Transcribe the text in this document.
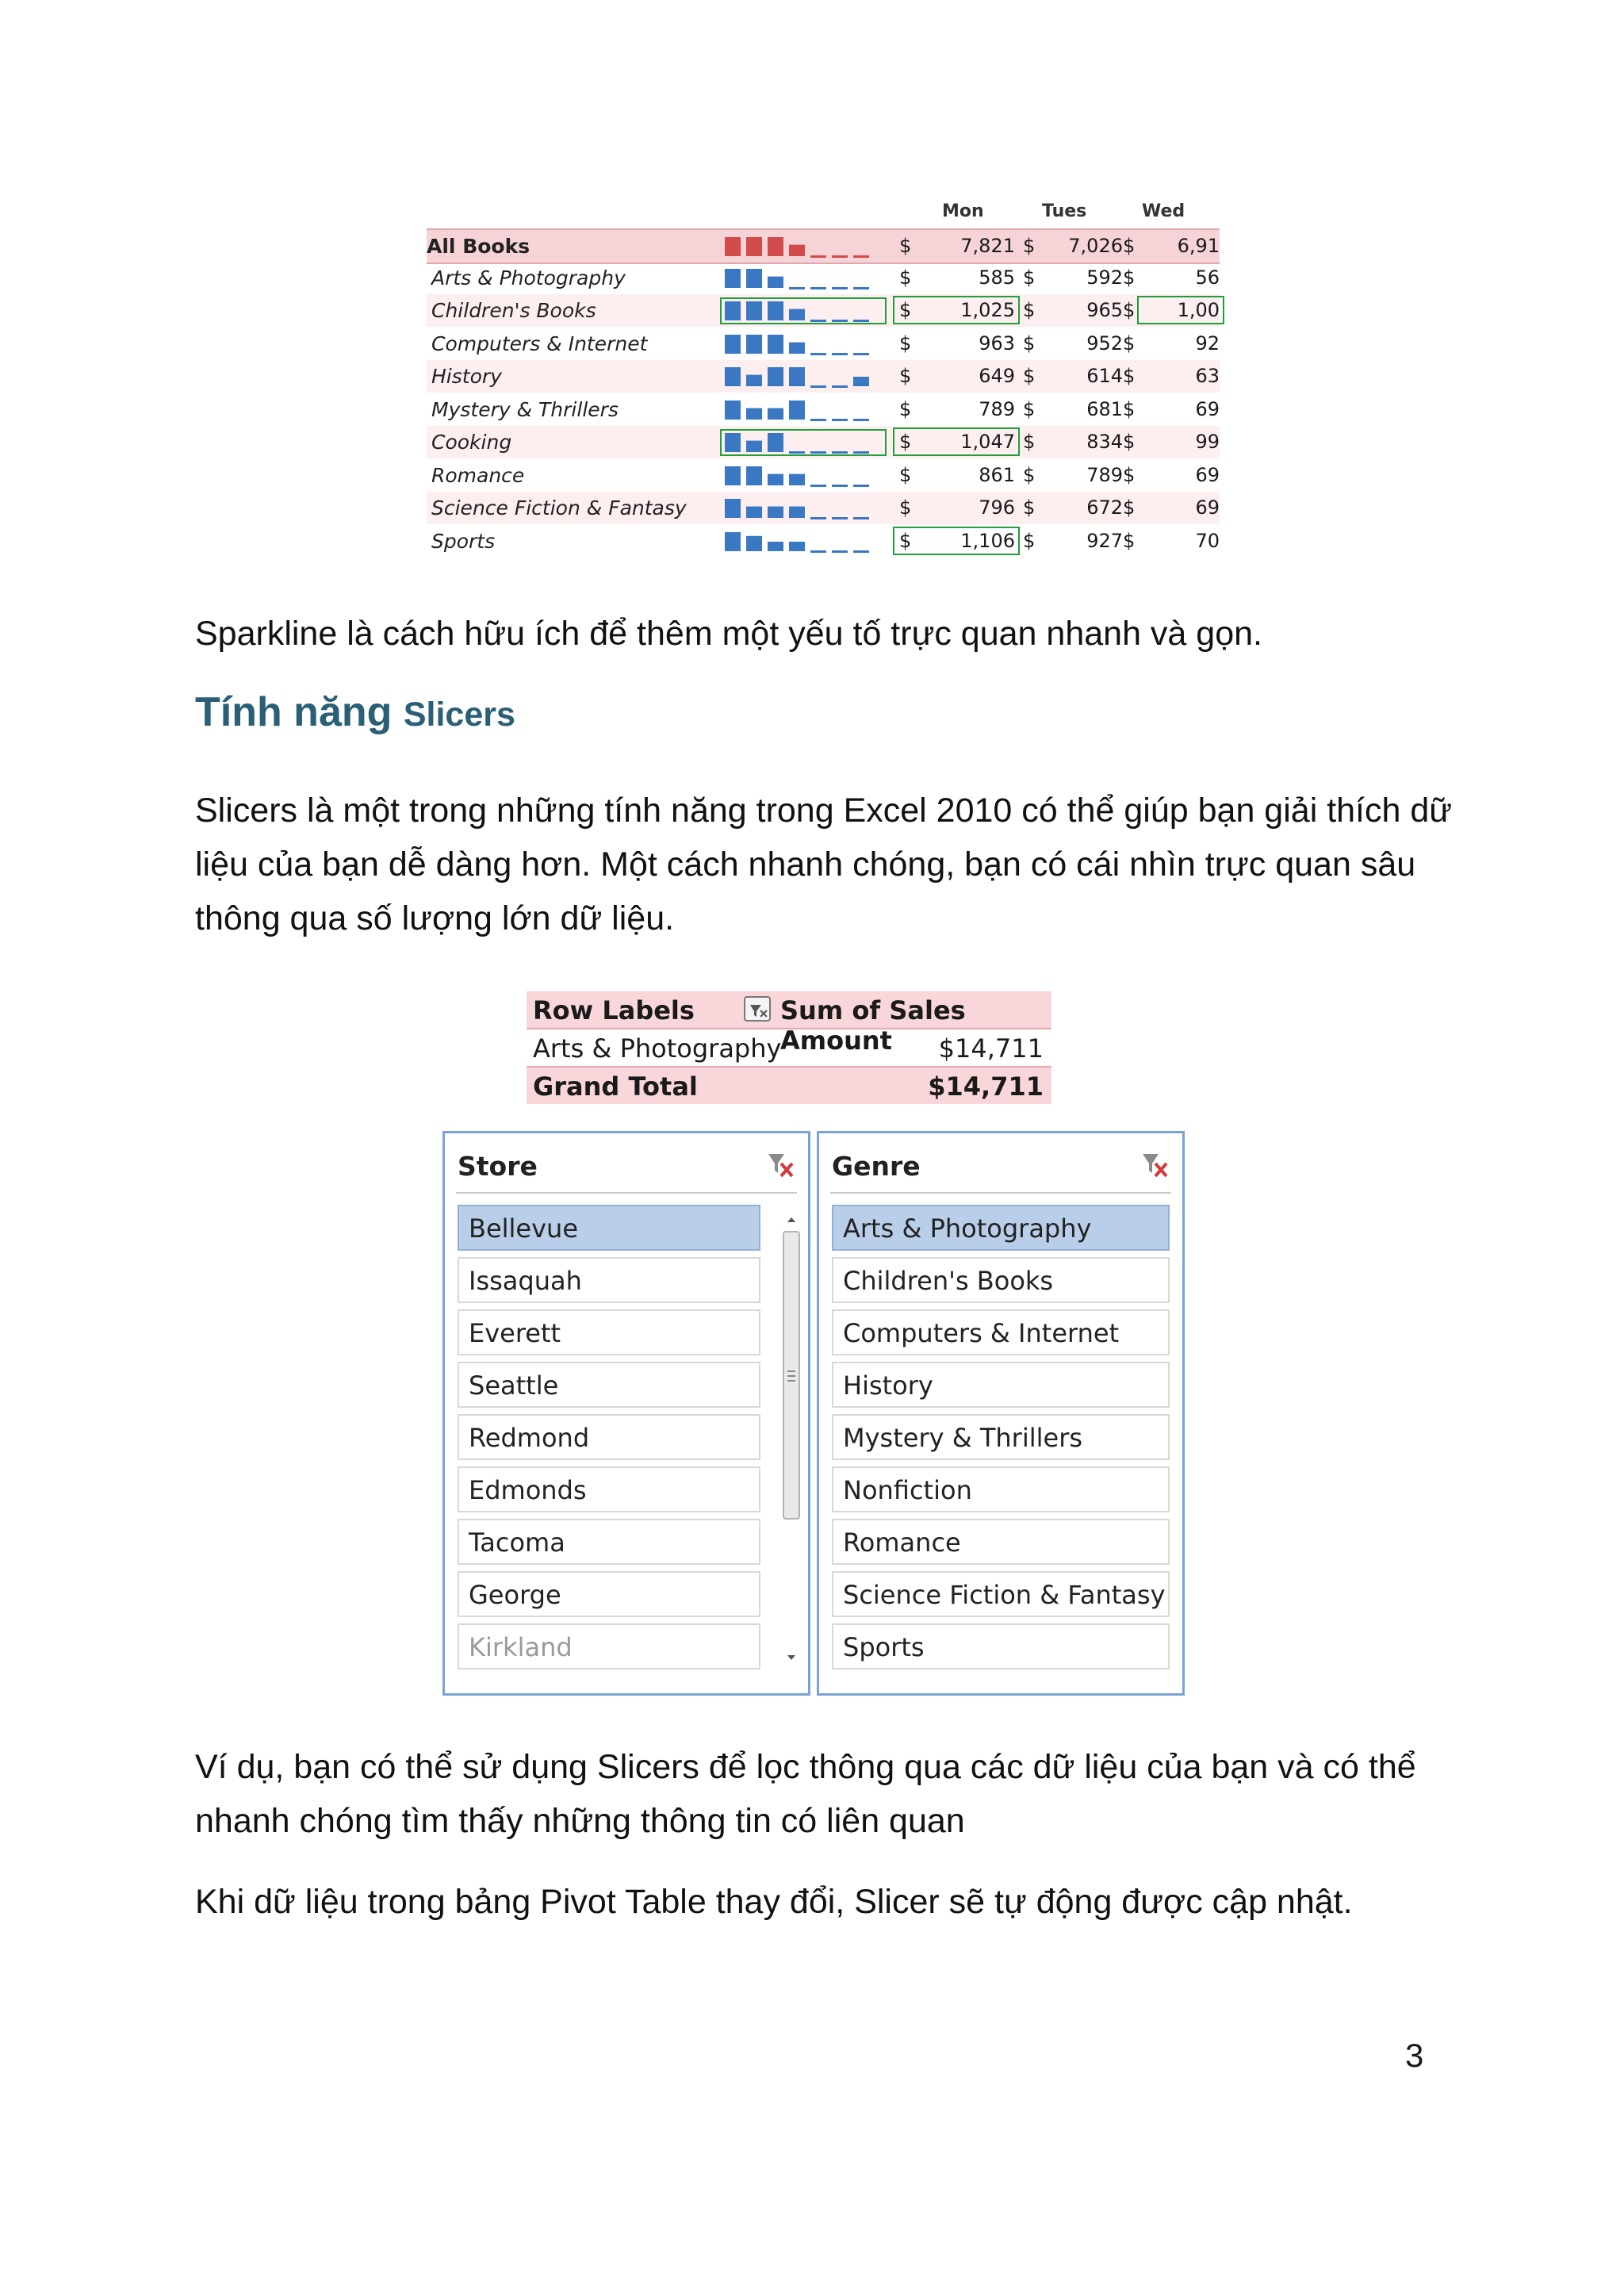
Mon	Tues	Wed
All Books	$	7,821 $	7,026 $	6,91
Arts & Photography	$	585 $	592 $	56
Children's Books	$	1,025 $	965 $	1,00
Computers & Internet	$	963 $	952 $	92
History	$	649 $	614 $	63
Mystery & Thrillers	$	789 $	681 $	69
Cooking	$	1,047 $	834 $	99
Romance	$	861 $	789 $	69
Science Fiction & Fantasy	$	796 $	672 $	69
Sports	$	1,106 $	927 $	70

Sparkline là cách hữu ích để thêm một yếu tố trực quan nhanh và gọn.

Tính năng Slicers

Slicers là một trong những tính năng trong Excel 2010 có thể giúp bạn giải thích dữ liệu của bạn dễ dàng hơn. Một cách nhanh chóng, bạn có cái nhìn trực quan sâu thông qua số lượng lớn dữ liệu.

Row Labels	Sum of Sales Amount
Arts & Photography	$14,711
Grand Total	$14,711
Store
Bellevue
Issaquah
Everett
Seattle
Redmond
Edmonds
Tacoma
George
Kirkland
Genre
Arts & Photography
Children's Books
Computers & Internet
History
Mystery & Thrillers
Nonfiction
Romance
Science Fiction & Fantasy
Sports

Ví dụ, bạn có thể sử dụng Slicers để lọc thông qua các dữ liệu của bạn và có thể nhanh chóng tìm thấy những thông tin có liên quan

Khi dữ liệu trong bảng Pivot Table thay đổi, Slicer sẽ tự động được cập nhật.

3
